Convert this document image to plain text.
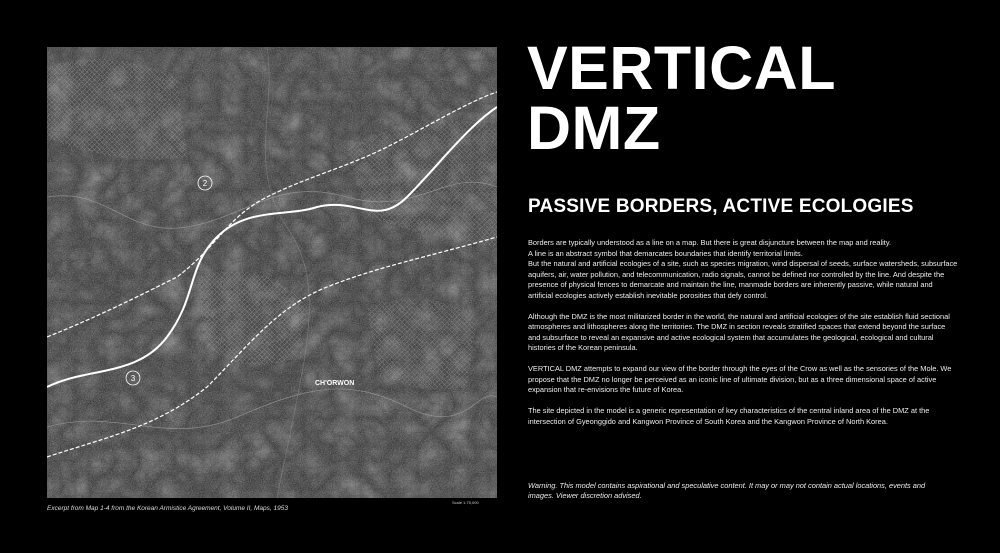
2
3
CH'ORWON
Excerpt from Map 1-4 from the Korean Armistice Agreement, Volume II, Maps, 1953
Scale 1:75,000
VERTICAL DMZ
PASSIVE BORDERS, ACTIVE ECOLOGIES

Borders are typically understood as a line on a map. But there is great disjuncture between the map and reality.
A line is an abstract symbol that demarcates boundaries that identify territorial limits.
But the natural and artificial ecologies of a site, such as species migration, wind dispersal of seeds, surface watersheds, subsurface aquifers, air, water pollution, and telecommunication, radio signals, cannot be defined nor controlled by the line. And despite the presence of physical fences to demarcate and maintain the line, manmade borders are inherently passive, while natural and artificial ecologies actively establish inevitable porosities that defy control.

Although the DMZ is the most militarized border in the world, the natural and artificial ecologies of the site establish fluid sectional atmospheres and lithospheres along the territories. The DMZ in section reveals stratified spaces that extend beyond the surface and subsurface to reveal an expansive and active ecological system that accumulates the geological, ecological and cultural histories of the Korean peninsula.

VERTICAL DMZ attempts to expand our view of the border through the eyes of the Crow as well as the sensories of the Mole. We propose that the DMZ no longer be perceived as an iconic line of ultimate division, but as a three dimensional space of active expansion that re-envisions the future of Korea.

The site depicted in the model is a generic representation of key characteristics of the central inland area of the DMZ at the intersection of Gyeonggido and Kangwon Province of South Korea and the Kangwon Province of North Korea.

Warning. This model contains aspirational and speculative content. It may or may not contain actual locations, events and images. Viewer discretion advised.
